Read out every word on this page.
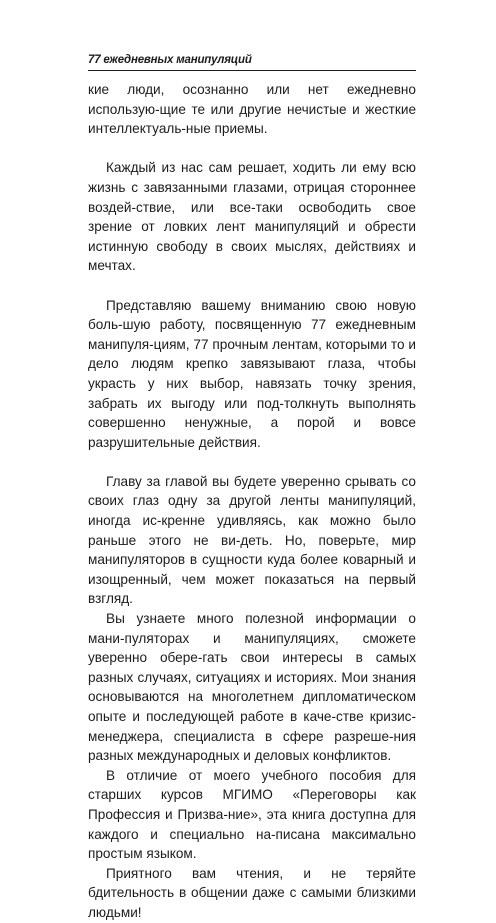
77 ежедневных манипуляций

кие люди, осознанно или нет ежедневно использую-щие те или другие нечистые и жесткие интеллектуаль-ные приемы.

Каждый из нас сам решает, ходить ли ему всю жизнь с завязанными глазами, отрицая стороннее воздей-ствие, или все-таки освободить свое зрение от ловких лент манипуляций и обрести истинную свободу в своих мыслях, действиях и мечтах.

Представляю вашему вниманию свою новую боль-шую работу, посвященную 77 ежедневным манипуля-циям, 77 прочным лентам, которыми то и дело людям крепко завязывают глаза, чтобы украсть у них выбор, навязать точку зрения, забрать их выгоду или под-толкнуть выполнять совершенно ненужные, а порой и вовсе разрушительные действия.

Главу за главой вы будете уверенно срывать со своих глаз одну за другой ленты манипуляций, иногда ис-кренне удивляясь, как можно было раньше этого не ви-деть. Но, поверьте, мир манипуляторов в сущности куда более коварный и изощренный, чем может показаться на первый взгляд.

Вы узнаете много полезной информации о мани-пуляторах и манипуляциях, сможете уверенно обере-гать свои интересы в самых разных случаях, ситуациях и историях. Мои знания основываются на многолетнем дипломатическом опыте и последующей работе в каче-стве кризис-менеджера, специалиста в сфере разреше-ния разных международных и деловых конфликтов.

В отличие от моего учебного пособия для старших курсов МГИМО «Переговоры как Профессия и Призва-ние», эта книга доступна для каждого и специально на-писана максимально простым языком.

Приятного вам чтения, и не теряйте бдительность в общении даже с самыми близкими людьми!
